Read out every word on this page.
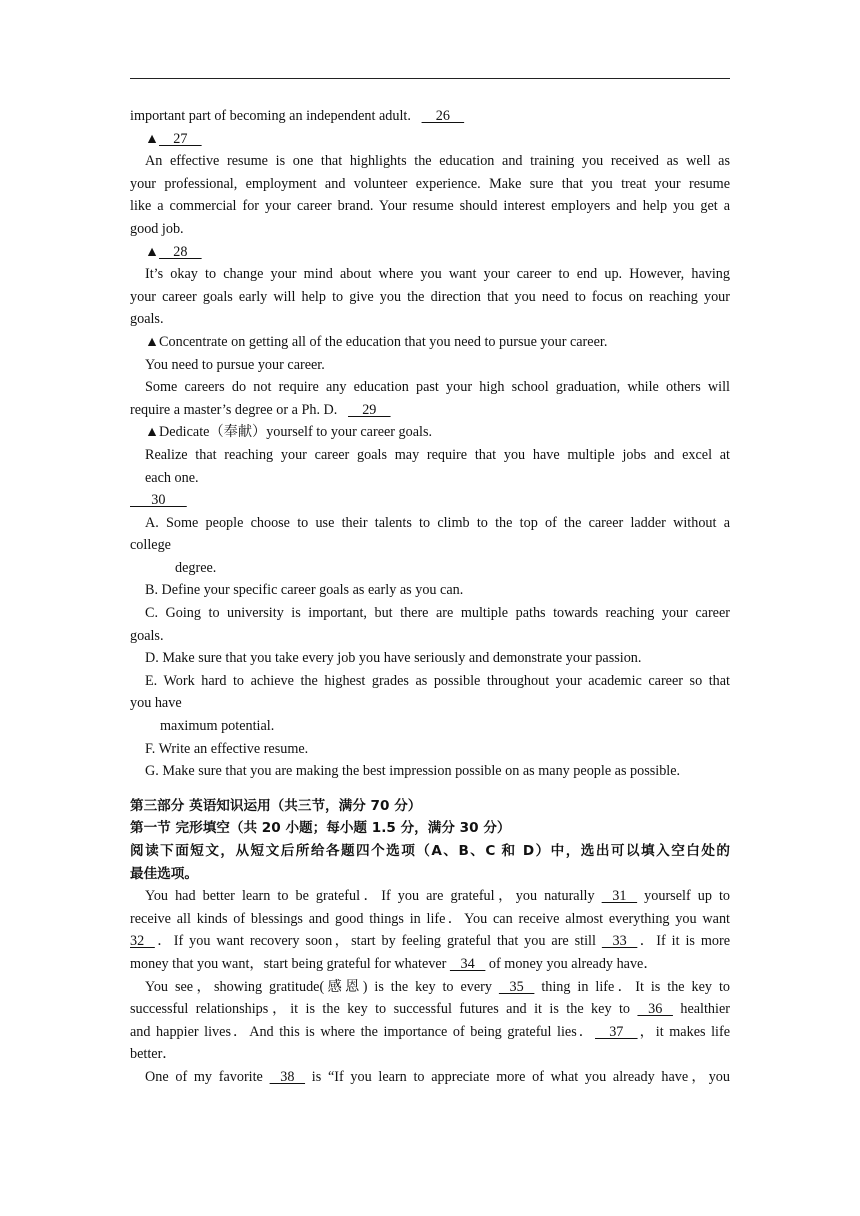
important part of becoming an independent adult.       26
▲    27
An effective resume is one that highlights the education and training you received as well as
your professional, employment and volunteer experience. Make sure that you treat your resume
like a commercial for your career brand. Your resume should interest employers and help you get a
good job.
▲    28
It’s okay to change your mind about where you want your career to end up. However, having
your career goals early will help to give you the direction that you need to focus on reaching your
goals.
▲Concentrate on getting all of the education that you need to pursue your career.
You need to pursue your career.
Some careers do not require any education past your high school graduation, while others will
require a master’s degree or a Ph. D.       29
▲Dedicate（奉献）yourself to your career goals.
Realize that reaching your career goals may require that you have multiple jobs and excel at
each one.
30
A. Some people choose to use their talents to climb to the top of the career ladder without a
college
degree.
B. Define your specific career goals as early as you can.
C. Going to university is important, but there are multiple paths towards reaching your career
goals.
D. Make sure that you take every job you have seriously and demonstrate your passion.
E. Work hard to achieve the highest grades as possible throughout your academic career so that
you have
maximum potential.
F. Write an effective resume.
G. Make sure that you are making the best impression possible on as many people as possible.
第三部分 英语知识运用（共三节，满分 70 分）
第一节 完形填空（共 20 小题；每小题 1.5 分，满分 30 分）
阅读下面短文，从短文后所给各题四个选项（A、B、C 和 D）中，选出可以填入空白处的
最佳选项。
You had better learn to be grateful．If you are grateful，you naturally    31    yourself up to
receive all kinds of blessings and good things in life．You can receive almost everything you want
32   ．If you want recovery soon，start by feeling grateful that you are still    33   ．If it is more
money that you want，start being grateful for whatever    34    of money you already have．
You see，showing gratitude(感恩) is the key to every    35    thing in life．It is the key to
successful relationships，it is the key to successful futures and it is the key to    36    healthier
and happier lives．And this is where the importance of being grateful lies．    37    ，it makes life
better．
One of my favorite    38    is “If you learn to appreciate more of what you already have，you
